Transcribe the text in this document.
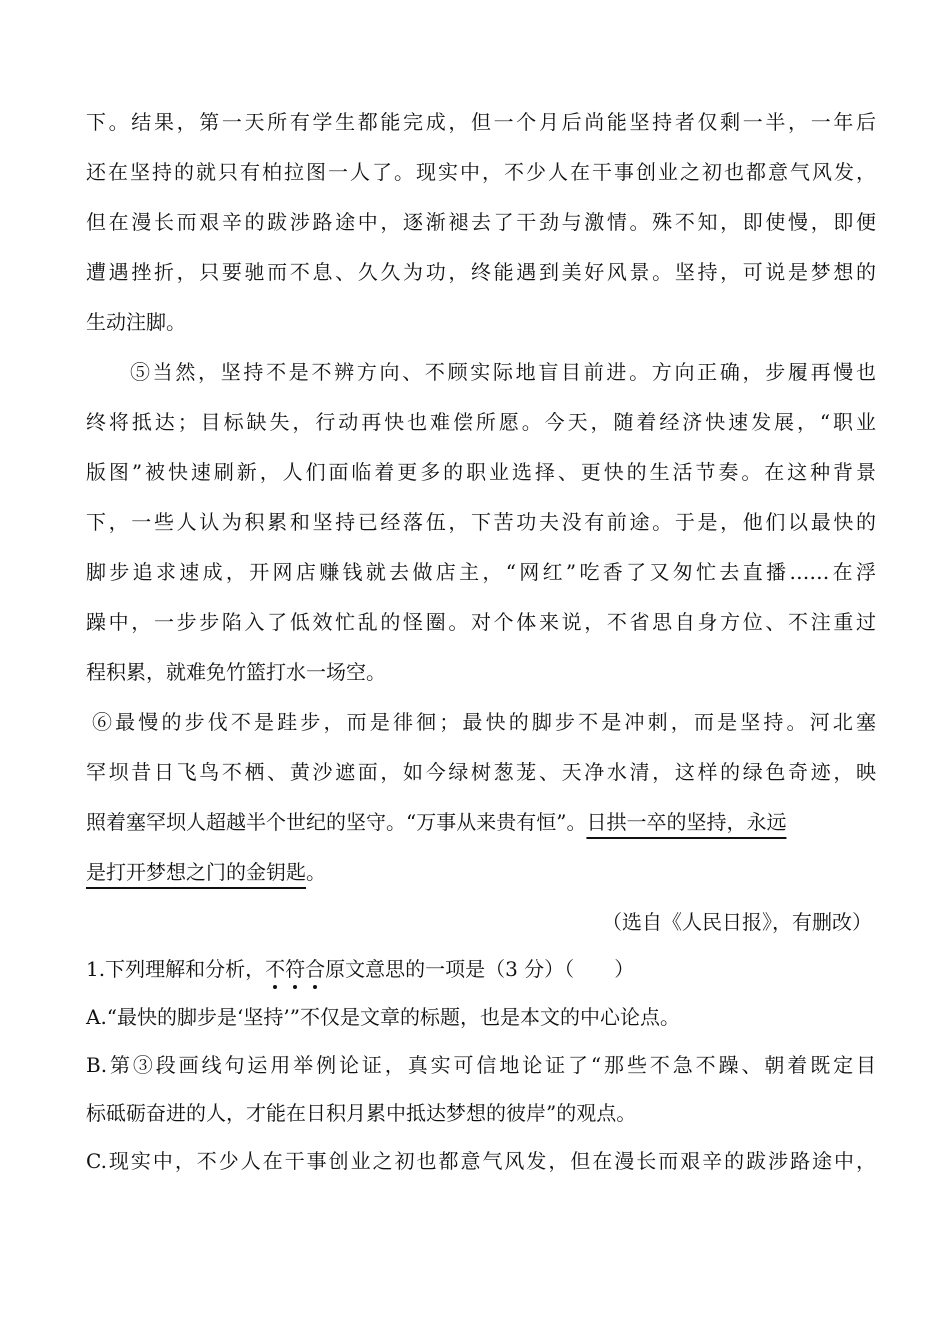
下。结果，第一天所有学生都能完成，但一个月后尚能坚持者仅剩一半，一年后
还在坚持的就只有柏拉图一人了。现实中，不少人在干事创业之初也都意气风发，
但在漫长而艰辛的跋涉路途中，逐渐褪去了干劲与激情。殊不知，即使慢，即便
遭遇挫折，只要驰而不息、久久为功，终能遇到美好风景。坚持，可说是梦想的
生动注脚。
⑤当然，坚持不是不辨方向、不顾实际地盲目前进。方向正确，步履再慢也
终将抵达；目标缺失，行动再快也难偿所愿。今天，随着经济快速发展，“职业
版图”被快速刷新，人们面临着更多的职业选择、更快的生活节奏。在这种背景
下，一些人认为积累和坚持已经落伍，下苦功夫没有前途。于是，他们以最快的
脚步追求速成，开网店赚钱就去做店主，“网红”吃香了又匆忙去直播……在浮
躁中，一步步陷入了低效忙乱的怪圈。对个体来说，不省思自身方位、不注重过
程积累，就难免竹篮打水一场空。
⑥最慢的步伐不是跬步，而是徘徊；最快的脚步不是冲刺，而是坚持。河北塞
罕坝昔日飞鸟不栖、黄沙遮面，如今绿树葱茏、天净水清，这样的绿色奇迹，映
照着塞罕坝人超越半个世纪的坚守。“万事从来贵有恒”。日拱一卒的坚持，永远
是打开梦想之门的金钥匙。
（选自《人民日报》，有删改）
1.下列理解和分析，不符合
原文意思的一项是（3 分）（ ）
A.“最快的脚步是‘坚持’”不仅是文章的标题，也是本文的中心论点。
B.第③段画线句运用举例论证，真实可信地论证了“那些不急不躁、朝着既定目
标砥砺奋进的人，才能在日积月累中抵达梦想的彼岸”的观点。
C.现实中，不少人在干事创业之初也都意气风发，但在漫长而艰辛的跋涉路途中，
